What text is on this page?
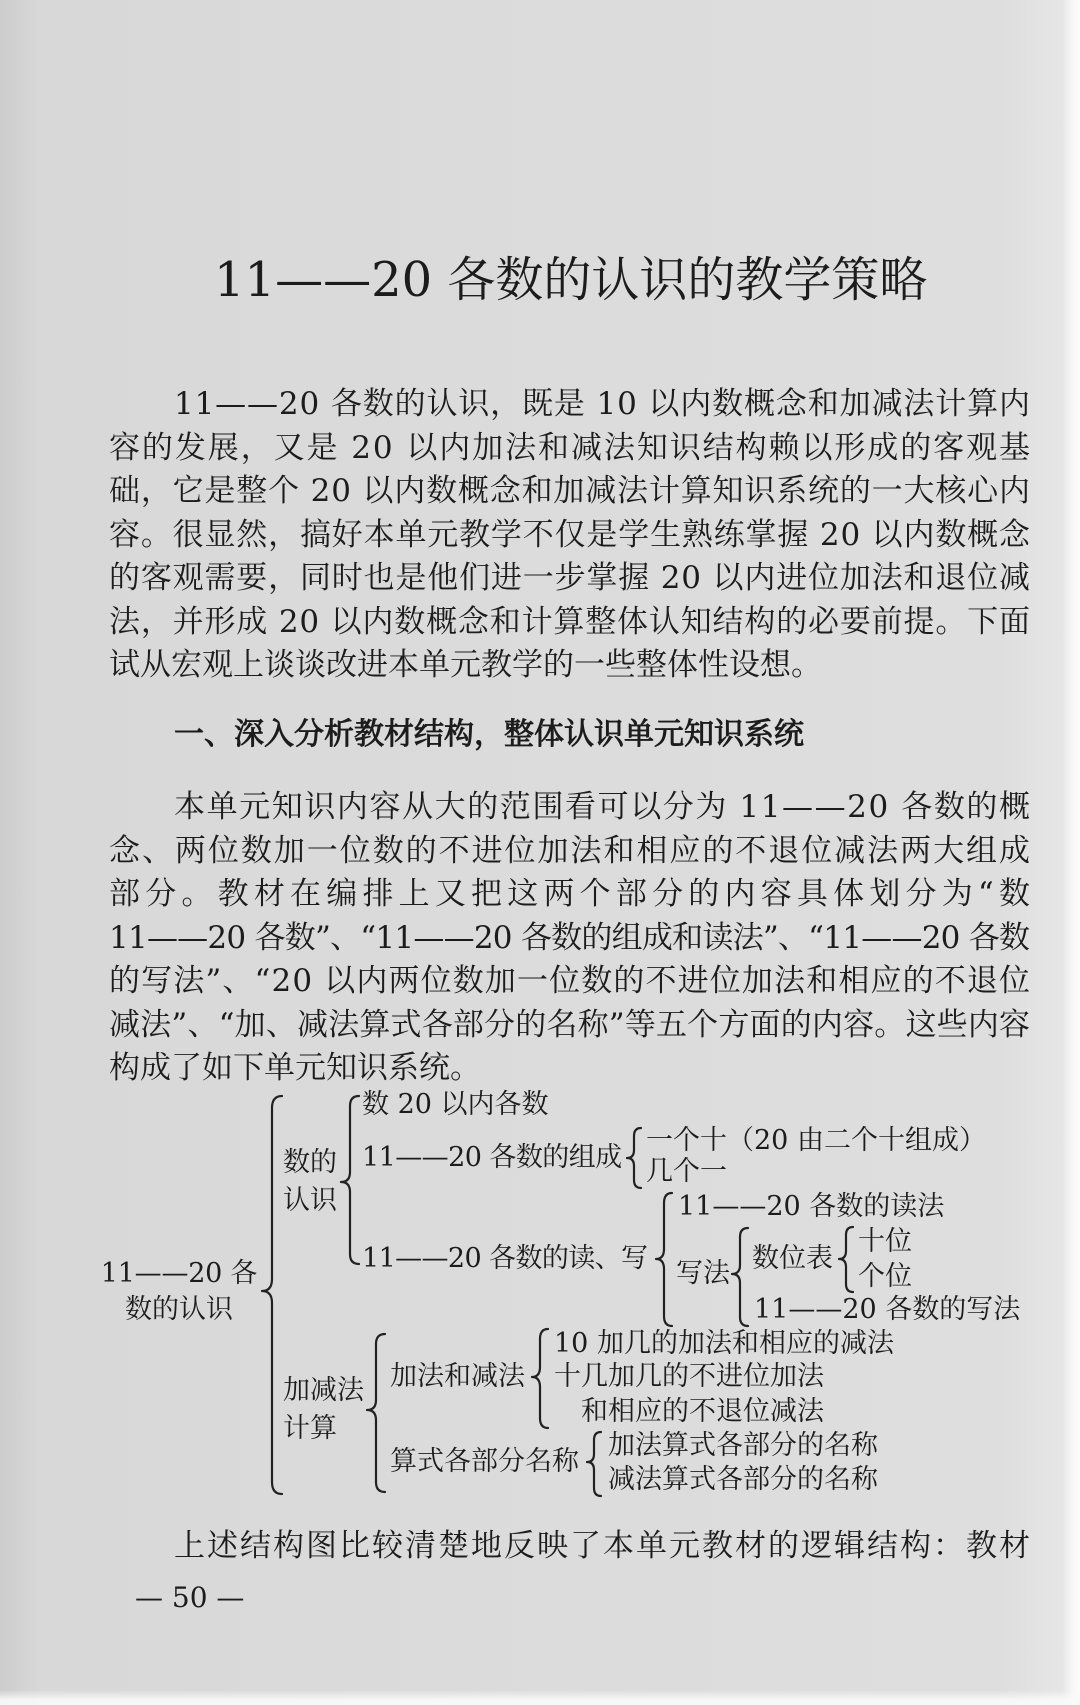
11——20 各数的认识的教学策略
11——20 各数的认识，既是 10 以内数概念和加减法计算内
容的发展，又是 20 以内加法和减法知识结构赖以形成的客观基
础，它是整个 20 以内数概念和加减法计算知识系统的一大核心内
容。很显然，搞好本单元教学不仅是学生熟练掌握 20 以内数概念
的客观需要，同时也是他们进一步掌握 20 以内进位加法和退位减
法，并形成 20 以内数概念和计算整体认知结构的必要前提。下面
试从宏观上谈谈改进本单元教学的一些整体性设想。
一、深入分析教材结构，整体认识单元知识系统
本单元知识内容从大的范围看可以分为 11——20 各数的概
念、两位数加一位数的不进位加法和相应的不退位减法两大组成
部分。教材在编排上又把这两个部分的内容具体划分为“数
11——20 各数”、“11——20 各数的组成和读法”、“11——20 各数
的写法”、“20 以内两位数加一位数的不进位加法和相应的不退位
减法”、“加、减法算式各部分的名称”等五个方面的内容。这些内容
构成了如下单元知识系统。
11——20 各
数的认识
数的
认识
数 20 以内各数
11——20 各数的组成
一个十（20 由二个十组成）
几个一
11——20 各数的读、写
11——20 各数的读法
写法 数位表
十位
个位
11——20 各数的写法
加减法
计算
加法和减法
10 加几的加法和相应的减法
十几加几的不进位加法
和相应的不退位减法
算式各部分名称
加法算式各部分的名称
减法算式各部分的名称
上述结构图比较清楚地反映了本单元教材的逻辑结构：教材
— 50 —
